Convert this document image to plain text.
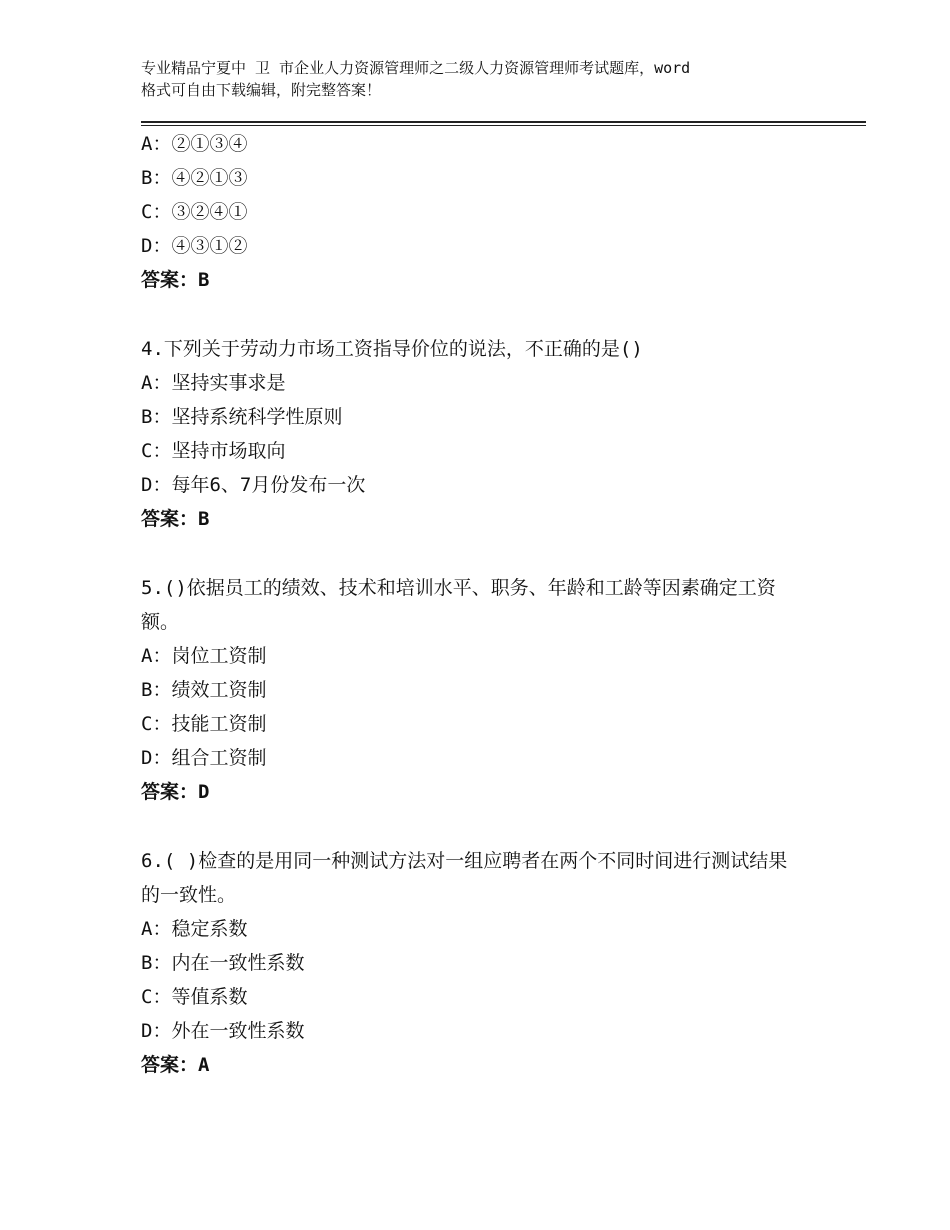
专业精品宁夏中 卫 市企业人力资源管理师之二级人力资源管理师考试题库，word
格式可自由下载编辑，附完整答案！
A：②①③④
B：④②①③
C：③②④①
D：④③①②
答案：B
4.下列关于劳动力市场工资指导价位的说法，不正确的是()
A：坚持实事求是
B：坚持系统科学性原则
C：坚持市场取向
D：每年6、7月份发布一次
答案：B
5.()依据员工的绩效、技术和培训水平、职务、年龄和工龄等因素确定工资额。
A：岗位工资制
B：绩效工资制
C：技能工资制
D：组合工资制
答案：D
6.( )检查的是用同一种测试方法对一组应聘者在两个不同时间进行测试结果的一致性。
A：稳定系数
B：内在一致性系数
C：等值系数
D：外在一致性系数
答案：A
